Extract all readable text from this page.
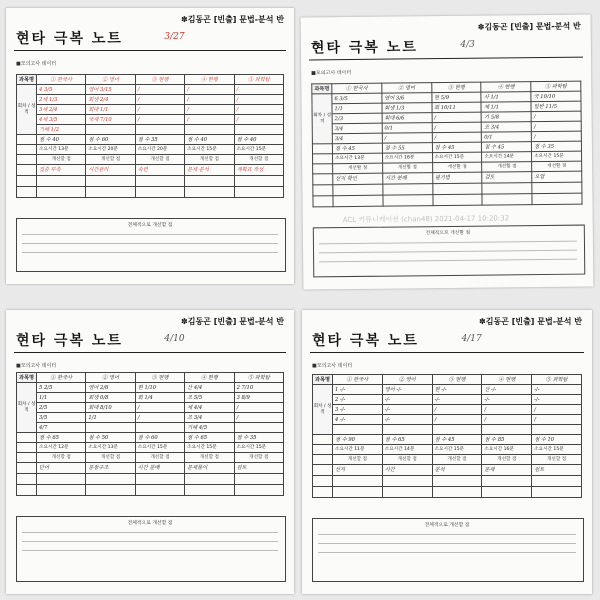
✽ 김동곤 [빈출] 문법-분석 반
현타 극복 노트	3/27
■ 모의고사 데이터
과목명	① 한국사	② 영어	③ 현행	④ 현행	⑤ 과학탐
회차 / 성적	4 3/5	영어 3/15	/	/	/
	2세 1/3	회생 2/4	/	/	/
	3세 2/4	회대 1/1	/	/	/
	4세 3/5	국제 7/10	/	/	/
	기해 1/2				
	점 수 40	점 수 60	점 수 35	점 수 40	점 수 40
	소요시간 13분	소요시간 20분	소요시간 20분	소요시간 15분	소요시간 15분
	개선할 점	개선할 점	개선할 점	개선할 점	개선할 점
	집중 부족	시간관리	숙련	문제 분석	계획표 작성

전체적으로 개선할 점
✽ 김동곤 [빈출] 문법-분석 반
현타 극복 노트	4/3
■ 모의고사 데이터
과목명	① 한국사	② 영어	③ 현행	④ 현행	⑤ 과학탐
회차 / 성적	6 3/5	영어 3/6	현 5/9	사 1/1	국 10/10
	1/1	회생 1/3	회 10/11	제 1/1	일반 11/5
	2/3	회대 6/6	/	기 5/8	/
	3/4	0/1	/	조 3/4	/
	3/4	/	/	0/1	/
	점 수 45	점 수 55	점 수 45	점 수 45	점 수 35
	소요시간 13분	소요시간 16분	소요시간 15분	소요시간 14분	소요시간 15분
	개선할 점	개선할 점	개선할 점	개선할 점	개선할 점
	선지 확인	시간 분배	필기법	검토	오답

전체적으로 개선할 점
ACL 커뮤니케이션 (chan48) 2021-04-17 10:20:32
✽ 김동곤 [빈출] 문법-분석 반
현타 극복 노트	4/10
■ 모의고사 데이터
과목명	① 한국사	② 영어	③ 현행	④ 현행	⑤ 과학탐
회차 / 성적	5 2/5	영어 2/6	현 1/10	산 4/4	2 7/10
	1/1	회생 0/8	회 1/4	조 5/5	3 8/9
	2/5	회대 8/10	/	세 4/4	/
	3/5	1/1	/	조 3/4	/
	4/7			기해 4/5	
	점 수 65	점 수 50	점 수 60	점 수 65	점 수 35
	소요시간 12분	소요시간 13분	소요시간 15분	소요시간 15분	소요시간 15분
	개선할 점	개선할 점	개선할 점	개선할 점	개선할 점
	단어	문장구조	시간 분배	문제풀이	검토

전체적으로 개선할 점
✽ 김동곤 [빈출] 문법-분석 반
현타 극복 노트	4/17
■ 모의고사 데이터
과목명	① 한국사	② 영어	③ 현행	④ 현행	⑤ 과학탐
회차 / 성적	1 -/-	영어 -/-	현 -/-	산 -/-	-/-
	2 -/-	-/-	-/-	-/-	-/-
	3 -/-	-/-	/	/	/
	4 -/-	-/-	/	/	/

	점 수 90	점 수 65	점 수 45	점 수 85	점 수 10
	소요시간 11분	소요시간 14분	소요시간 15분	소요시간 16분	소요시간 15분
	개선할 점	개선할 점	개선할 점	개선할 점	개선할 점
	선지	시간	분석	문제	검토

전체적으로 개선할 점
